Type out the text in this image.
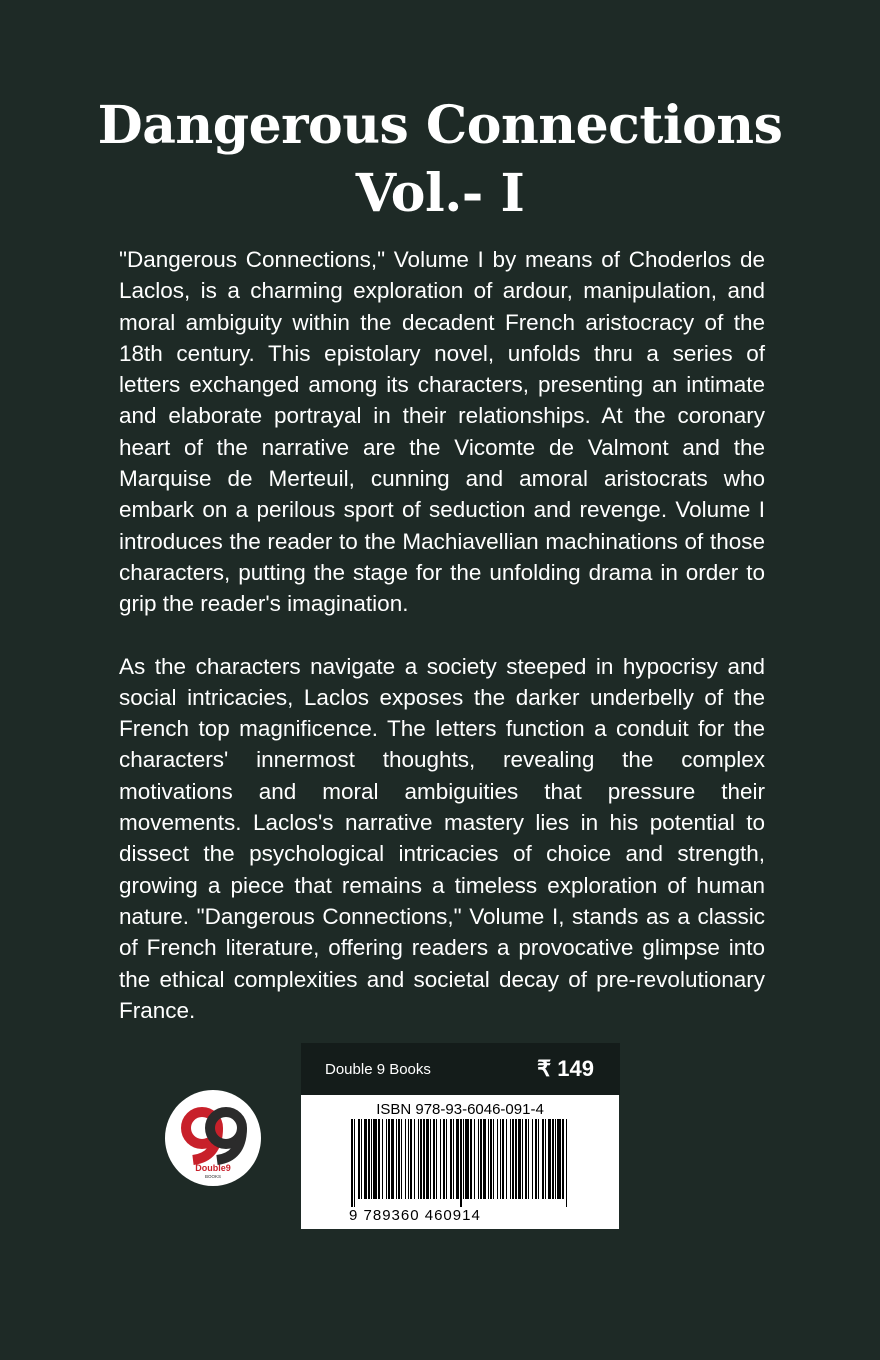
Dangerous Connections
Vol.- I

"Dangerous Connections," Volume I by means of Choderlos de Laclos, is a charming exploration of ardour, manipulation, and moral ambiguity within the decadent French aristocracy of the 18th century. This epistolary novel, unfolds thru a series of letters exchanged among its characters, presenting an intimate and elaborate portrayal in their relationships. At the coronary heart of the narrative are the Vicomte de Valmont and the Marquise de Merteuil, cunning and amoral aristocrats who embark on a perilous sport of seduction and revenge. Volume I introduces the reader to the Machiavellian machinations of those characters, putting the stage for the unfolding drama in order to grip the reader's imagination.

As the characters navigate a society steeped in hypocrisy and social intricacies, Laclos exposes the darker underbelly of the French top magnificence. The letters function a conduit for the characters' innermost thoughts, revealing the complex motivations and moral ambiguities that pressure their movements. Laclos's narrative mastery lies in his potential to dissect the psychological intricacies of choice and strength, growing a piece that remains a timeless exploration of human nature. "Dangerous Connections," Volume I, stands as a classic of French literature, offering readers a provocative glimpse into the ethical complexities and societal decay of pre-revolutionary France.

Double9
BOOKS
Double 9 Books	₹ 149
ISBN 978-93-6046-091-4
9 789360 460914
